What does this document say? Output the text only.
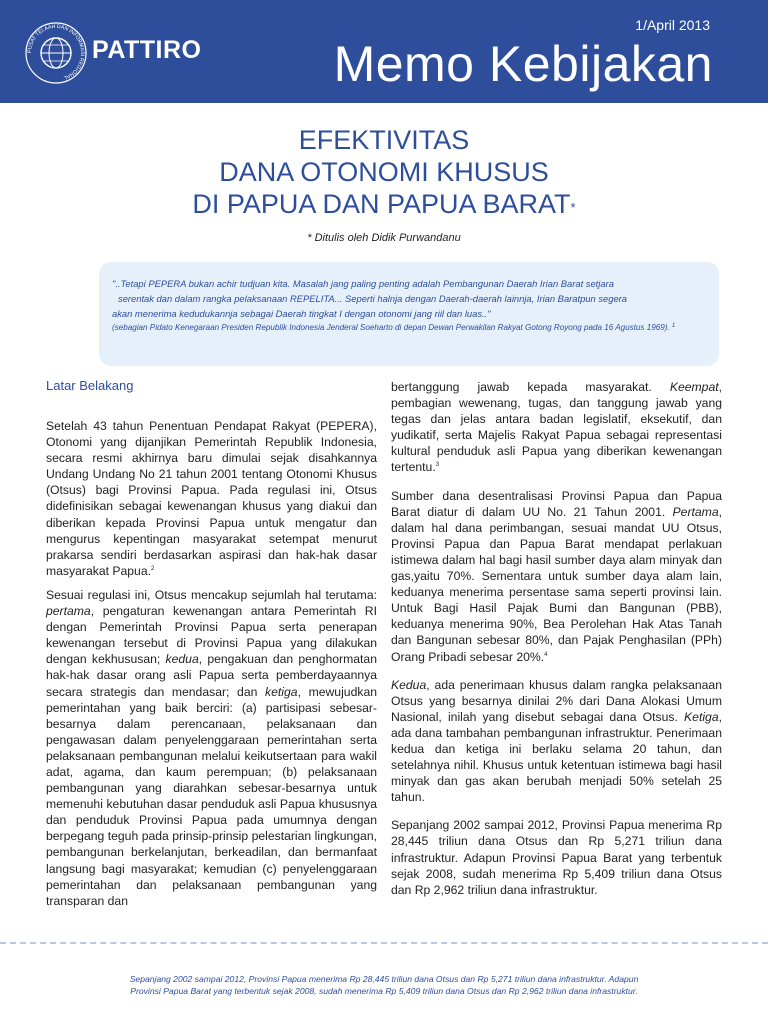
PUSAT TELAAH DAN INFORMASI REGIONAL
PATTIRO
1/April 2013
Memo Kebijakan
EFEKTIVITAS
DANA OTONOMI KHUSUS
DI PAPUA DAN PAPUA BARAT*
* Ditulis oleh Didik Purwandanu
"..Tetapi PEPERA bukan achir tudjuan kita. Masalah jang paling penting adalah Pembangunan Daerah Irian Barat setjara
serentak dan dalam rangka pelaksanaan REPELITA... Seperti halnja dengan Daerah-daerah lainnja, Irian Baratpun segera
akan menerima kedudukannja sebagai Daerah tingkat I dengan otonomi jang riil dan luas.."
(sebagian Pidato Kenegaraan Presiden Republik Indonesia Jenderal Soeharto di depan Dewan Perwakilan Rakyat Gotong Royong pada 16 Agustus 1969). $^1$
Latar Belakang

Setelah 43 tahun Penentuan Pendapat Rakyat (PEPERA), Otonomi yang dijanjikan Pemerintah Republik Indonesia, secara resmi akhirnya baru dimulai sejak disahkannya Undang Undang No 21 tahun 2001 tentang Otonomi Khusus (Otsus) bagi Provinsi Papua. Pada regulasi ini, Otsus didefinisikan sebagai kewenangan khusus yang diakui dan diberikan kepada Provinsi Papua untuk mengatur dan mengurus kepentingan masyarakat setempat menurut prakarsa sendiri berdasarkan aspirasi dan hak-hak dasar masyarakat Papua.$^2$

Sesuai regulasi ini, Otsus mencakup sejumlah hal terutama: pertama, pengaturan kewenangan antara Pemerintah RI dengan Pemerintah Provinsi Papua serta penerapan kewenangan tersebut di Provinsi Papua yang dilakukan dengan kekhususan; kedua, pengakuan dan penghormatan hak-hak dasar orang asli Papua serta pemberdayaannya secara strategis dan mendasar; dan ketiga, mewujudkan pemerintahan yang baik berciri: (a) partisipasi sebesar-besarnya dalam perencanaan, pelaksanaan dan pengawasan dalam penyelenggaraan pemerintahan serta pelaksanaan pembangunan melalui keikutsertaan para wakil adat, agama, dan kaum perempuan; (b) pelaksanaan pembangunan yang diarahkan sebesar-besarnya untuk memenuhi kebutuhan dasar penduduk asli Papua khususnya dan penduduk Provinsi Papua pada umumnya dengan berpegang teguh pada prinsip-prinsip pelestarian lingkungan, pembangunan berkelanjutan, berkeadilan, dan bermanfaat langsung bagi masyarakat; kemudian (c) penyelenggaraan pemerintahan dan pelaksanaan pembangunan yang transparan dan

bertanggung jawab kepada masyarakat. Keempat, pembagian wewenang, tugas, dan tanggung jawab yang tegas dan jelas antara badan legislatif, eksekutif, dan yudikatif, serta Majelis Rakyat Papua sebagai representasi kultural penduduk asli Papua yang diberikan kewenangan tertentu.$^3$

Sumber dana desentralisasi Provinsi Papua dan Papua Barat diatur di dalam UU No. 21 Tahun 2001. Pertama, dalam hal dana perimbangan, sesuai mandat UU Otsus, Provinsi Papua dan Papua Barat mendapat perlakuan istimewa dalam hal bagi hasil sumber daya alam minyak dan gas,yaitu 70%. Sementara untuk sumber daya alam lain, keduanya menerima persentase sama seperti provinsi lain. Untuk Bagi Hasil Pajak Bumi dan Bangunan (PBB), keduanya menerima 90%, Bea Perolehan Hak Atas Tanah dan Bangunan sebesar 80%, dan Pajak Penghasilan (PPh) Orang Pribadi sebesar 20%.$^4$

Kedua, ada penerimaan khusus dalam rangka pelaksanaan Otsus yang besarnya dinilai 2% dari Dana Alokasi Umum Nasional, inilah yang disebut sebagai dana Otsus. Ketiga, ada dana tambahan pembangunan infrastruktur. Penerimaan kedua dan ketiga ini berlaku selama 20 tahun, dan setelahnya nihil. Khusus untuk ketentuan istimewa bagi hasil minyak dan gas akan berubah menjadi 50% setelah 25 tahun.

Sepanjang 2002 sampai 2012, Provinsi Papua menerima Rp 28,445 triliun dana Otsus dan Rp 5,271 triliun dana infrastruktur. Adapun Provinsi Papua Barat yang terbentuk sejak 2008, sudah menerima Rp 5,409 triliun dana Otsus dan Rp 2,962 triliun dana infrastruktur.

Sepanjang 2002 sampai 2012, Provinsi Papua menerima Rp 28,445 triliun dana Otsus dan Rp 5,271 triliun dana infrastruktur. Adapun
Provinsi Papua Barat yang terbentuk sejak 2008, sudah menerima Rp 5,409 triliun dana Otsus dan Rp 2,962 triliun dana infrastruktur.
